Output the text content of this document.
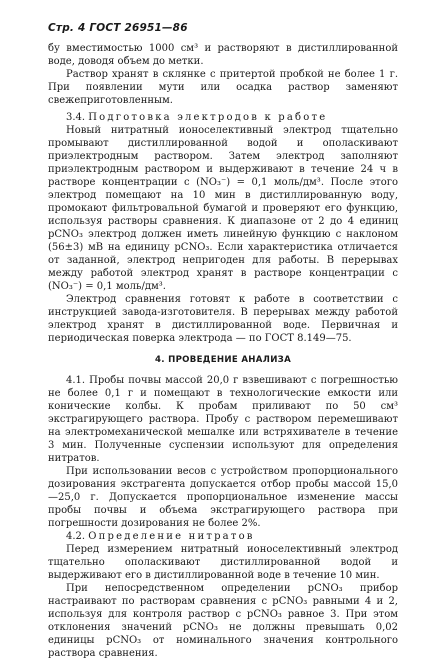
Стр. 4 ГОСТ 26951—86

бу вместимостью 1000 см³ и растворяют в дистиллированной воде, доводя объем до метки.

Раствор хранят в склянке с притертой пробкой не более 1 г. При появлении мути или осадка раствор заменяют свежеприготовленным.

3.4. Подготовка электродов к работе

Новый нитратный ионоселективный электрод тщательно промывают дистиллированной водой и ополаскивают приэлектродным раствором. Затем электрод заполняют приэлектродным раствором и выдерживают в течение 24 ч в растворе концентрации с (NO₃⁻) = 0,1 моль/дм³. После этого электрод помещают на 10 мин в дистиллированную воду, промокают фильтровальной бумагой и проверяют его функцию, используя растворы сравнения. К диапазоне от 2 до 4 единиц pCNO₃ электрод должен иметь линейную функцию с наклоном (56±3) мВ на единицу pCNO₃. Если характеристика отличается от заданной, электрод непригоден для работы. В перерывах между работой электрод хранят в растворе концентрации с (NO₃⁻) = 0,1 моль/дм³.

Электрод сравнения готовят к работе в соответствии с инструкцией завода-изготовителя. В перерывах между работой электрод хранят в дистиллированной воде. Первичная и периодическая поверка электрода — по ГОСТ 8.149—75.

4. ПРОВЕДЕНИЕ АНАЛИЗА

4.1. Пробы почвы массой 20,0 г взвешивают с погрешностью не более 0,1 г и помещают в технологические емкости или конические колбы. К пробам приливают по 50 см³ экстрагирующего раствора. Пробу с раствором перемешивают на электромеханической мешалке или встряхивателе в течение 3 мин. Полученные суспензии используют для определения нитратов.

При использовании весов с устройством пропорционального дозирования экстрагента допускается отбор пробы массой 15,0—25,0 г. Допускается пропорциональное изменение массы пробы почвы и объема экстрагирующего раствора при погрешности дозирования не более 2%.

4.2. Определение нитратов

Перед измерением нитратный ионоселективный электрод тщательно ополаскивают дистиллированной водой и выдерживают его в дистиллированной воде в течение 10 мин.

При непосредственном определении pCNO₃ прибор настраивают по растворам сравнения с pCNO₃ равными 4 и 2, используя для контроля раствор с pCNO₃ равное 3. При этом отклонения значений pCNO₃ не должны превышать 0,02 единицы pCNO₃ от номинального значения контрольного раствора сравнения.
